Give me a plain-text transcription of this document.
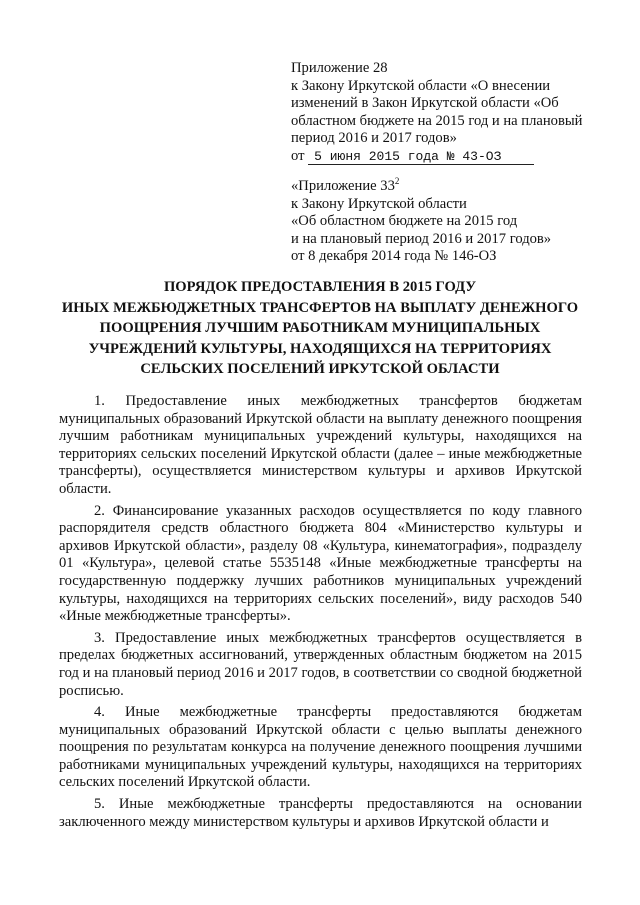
Приложение 28
к Закону Иркутской области «О внесении
изменений в Закон Иркутской области «Об
областном бюджете на 2015 год и на плановый
период 2016 и 2017 годов»
от 5 июня 2015 года № 43-ОЗ
«Приложение $33^2$
к Закону Иркутской области
«Об областном бюджете на 2015 год
и на плановый период 2016 и 2017 годов»
от 8 декабря 2014 года № 146-ОЗ
ПОРЯДОК ПРЕДОСТАВЛЕНИЯ В 2015 ГОДУ
ИНЫХ МЕЖБЮДЖЕТНЫХ ТРАНСФЕРТОВ НА ВЫПЛАТУ ДЕНЕЖНОГО
ПООЩРЕНИЯ ЛУЧШИМ РАБОТНИКАМ МУНИЦИПАЛЬНЫХ
УЧРЕЖДЕНИЙ КУЛЬТУРЫ, НАХОДЯЩИХСЯ НА ТЕРРИТОРИЯХ
СЕЛЬСКИХ ПОСЕЛЕНИЙ ИРКУТСКОЙ ОБЛАСТИ

1. Предоставление иных межбюджетных трансфертов бюджетам муниципальных образований Иркутской области на выплату денежного поощрения лучшим работникам муниципальных учреждений культуры, находящихся на территориях сельских поселений Иркутской области (далее – иные межбюджетные трансферты), осуществляется министерством культуры и архивов Иркутской области.

2. Финансирование указанных расходов осуществляется по коду главного распорядителя средств областного бюджета 804 «Министерство культуры и архивов Иркутской области», разделу 08 «Культура, кинематография», подразделу 01 «Культура», целевой статье 5535148 «Иные межбюджетные трансферты на государственную поддержку лучших работников муниципальных учреждений культуры, находящихся на территориях сельских поселений», виду расходов 540 «Иные межбюджетные трансферты».

3. Предоставление иных межбюджетных трансфертов осуществляется в пределах бюджетных ассигнований, утвержденных областным бюджетом на 2015 год и на плановый период 2016 и 2017 годов, в соответствии со сводной бюджетной росписью.

4. Иные межбюджетные трансферты предоставляются бюджетам муниципальных образований Иркутской области с целью выплаты денежного поощрения по результатам конкурса на получение денежного поощрения лучшими работниками муниципальных учреждений культуры, находящихся на территориях сельских поселений Иркутской области.

5. Иные межбюджетные трансферты предоставляются на основании заключенного между министерством культуры и архивов Иркутской области и
